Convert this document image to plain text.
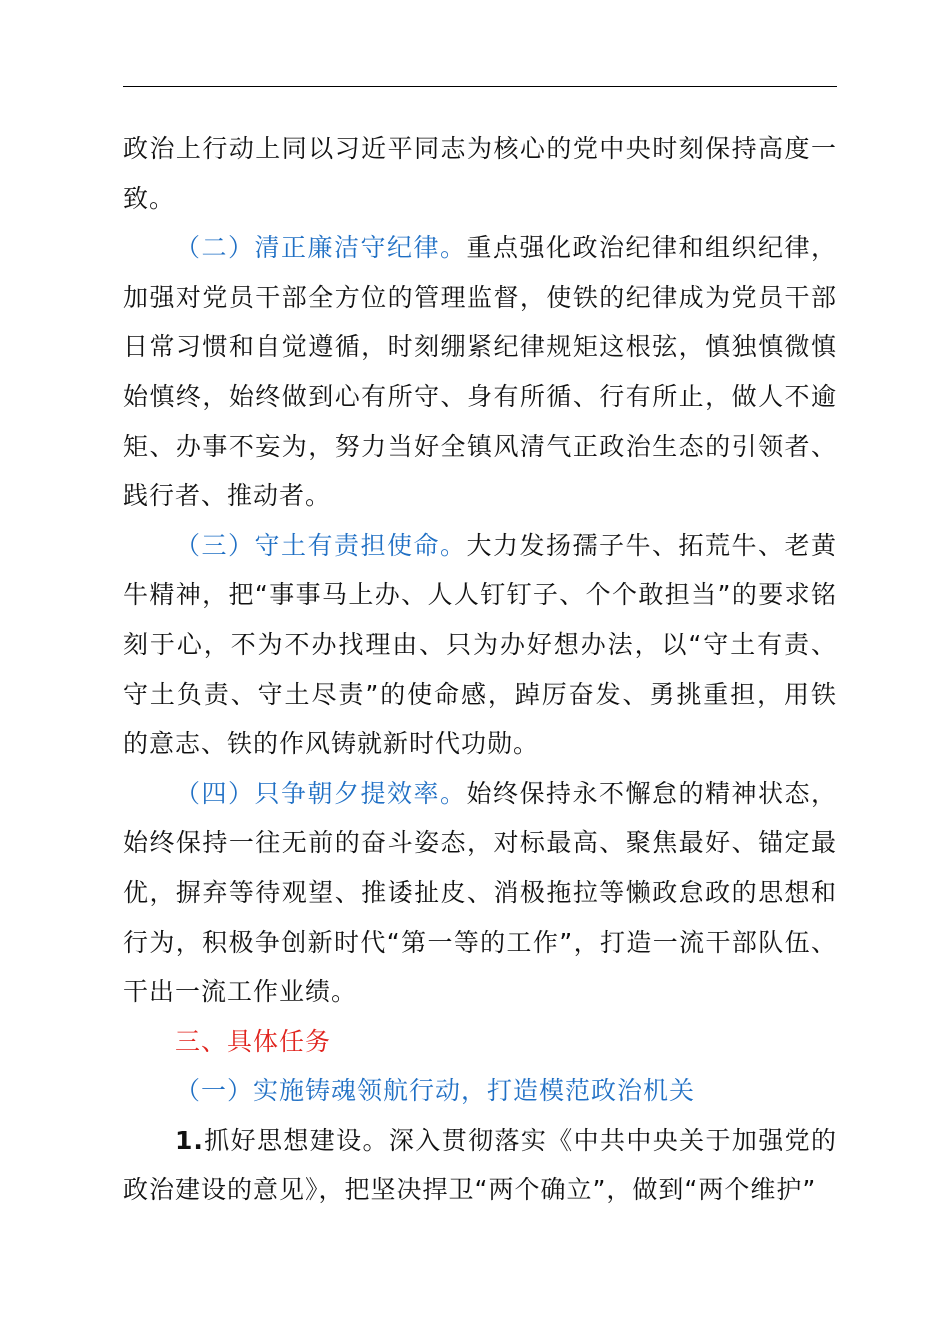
政治上行动上同以习近平同志为核心的党中央时刻保持高度一致。

（二）清正廉洁守纪律。重点强化政治纪律和组织纪律，加强对党员干部全方位的管理监督，使铁的纪律成为党员干部日常习惯和自觉遵循，时刻绷紧纪律规矩这根弦，慎独慎微慎始慎终，始终做到心有所守、身有所循、行有所止，做人不逾矩、办事不妄为，努力当好全镇风清气正政治生态的引领者、践行者、推动者。

（三）守土有责担使命。大力发扬孺子牛、拓荒牛、老黄牛精神，把“事事马上办、人人钉钉子、个个敢担当”的要求铭刻于心，不为不办找理由、只为办好想办法，以“守土有责、守土负责、守土尽责”的使命感，踔厉奋发、勇挑重担，用铁的意志、铁的作风铸就新时代功勋。

（四）只争朝夕提效率。始终保持永不懈怠的精神状态，始终保持一往无前的奋斗姿态，对标最高、聚焦最好、锚定最优，摒弃等待观望、推诿扯皮、消极拖拉等懒政怠政的思想和行为，积极争创新时代“第一等的工作”，打造一流干部队伍、干出一流工作业绩。

三、具体任务

（一）实施铸魂领航行动，打造模范政治机关

1.抓好思想建设。深入贯彻落实《中共中央关于加强党的政治建设的意见》，把坚决捍卫“两个确立”，做到“两个维护”
